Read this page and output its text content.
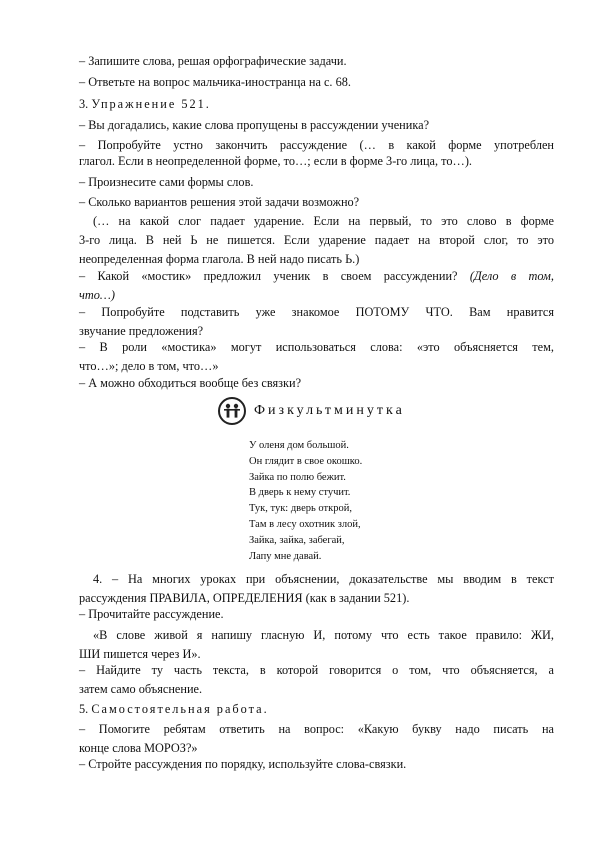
– Запишите слова, решая орфографические задачи.
– Ответьте на вопрос мальчика-иностранца на с. 68.
3. Упражнение 521.
– Вы догадались, какие слова пропущены в рассуждении ученика?
– Попробуйте устно закончить рассуждение (… в какой форме употреблен
глагол. Если в неопределенной форме, то…; если в форме 3-го лица, то…).
– Произнесите сами формы слов.
– Сколько вариантов решения этой задачи возможно?
(… на какой слог падает ударение. Если на первый, то это слово в форме
3-го лица. В ней Ь не пишется. Если ударение падает на второй слог, то это
неопределенная форма глагола. В ней надо писать Ь.)
– Какой «мостик» предложил ученик в своем рассуждении? (Дело в том,
что…)
– Попробуйте подставить уже знакомое ПОТОМУ ЧТО. Вам нравится
звучание предложения?
– В роли «мостика» могут использоваться слова: «это объясняется тем,
что…»; дело в том, что…»
– А можно обходиться вообще без связки?
Физкультминутка
У оленя дом большой.
Он глядит в свое окошко.
Зайка по полю бежит.
В дверь к нему стучит.
Тук, тук: дверь открой,
Там в лесу охотник злой,
Зайка, зайка, забегай,
Лапу мне давай.
4. – На многих уроках при объяснении, доказательстве мы вводим в текст
рассуждения ПРАВИЛА, ОПРЕДЕЛЕНИЯ (как в задании 521).
– Прочитайте рассуждение.
«В слове живой я напишу гласную И, потому что есть такое правило: ЖИ,
ШИ пишется через И».
– Найдите ту часть текста, в которой говорится о том, что объясняется, а
затем само объяснение.
5. Самостоятельная работа.
– Помогите ребятам ответить на вопрос: «Какую букву надо писать на
конце слова МОРОЗ?»
– Стройте рассуждения по порядку, используйте слова-связки.
